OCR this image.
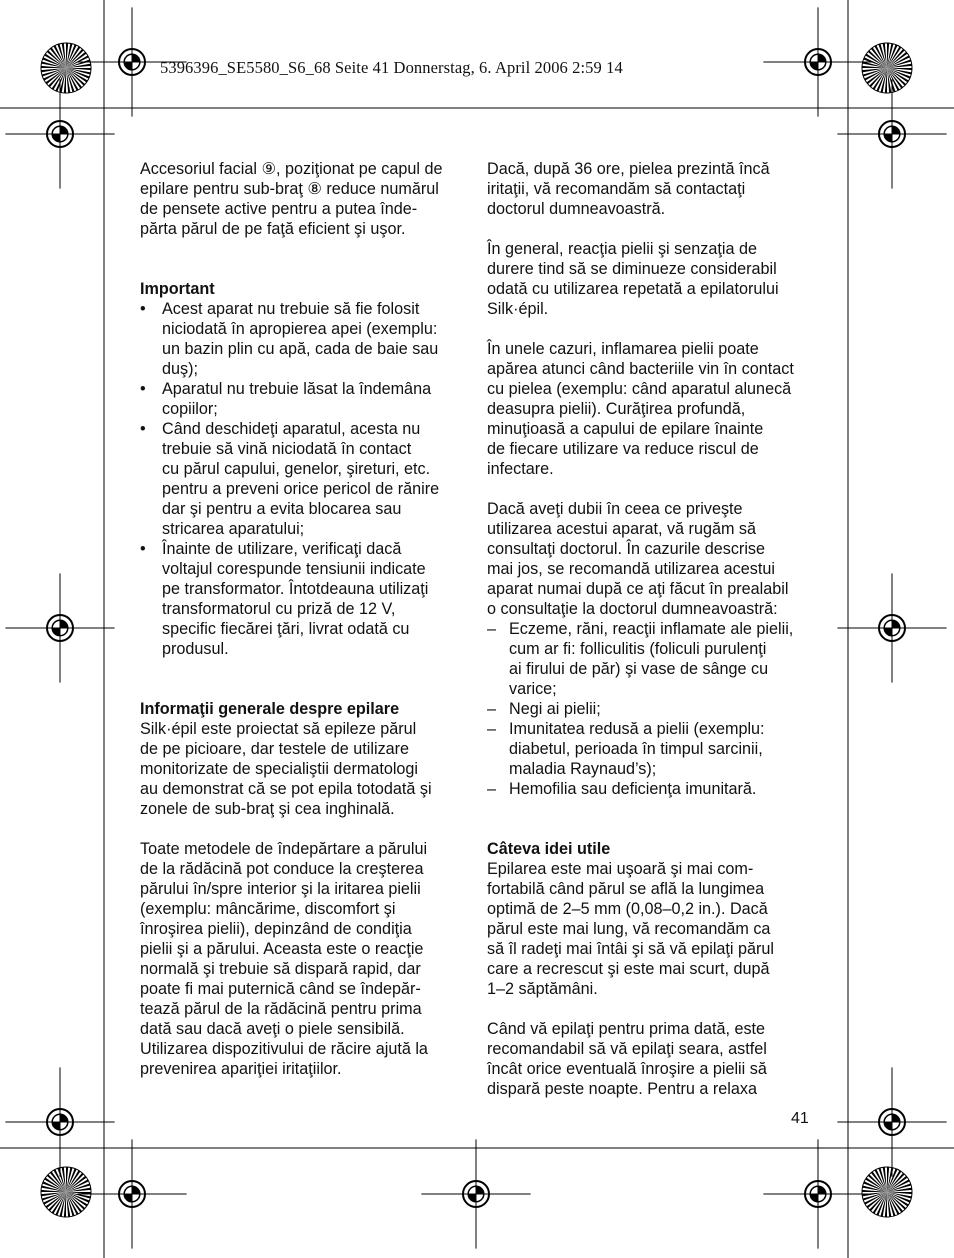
5396396_SE5580_S6_68 Seite 41 Donnerstag, 6. April 2006 2:59 14

Accesoriul facial ⑨, poziţionat pe capul de
epilare pentru sub-braţ ⑧ reduce numărul
de pensete active pentru a putea înde-
părta părul de pe faţă eficient şi uşor.

Important

• Acest aparat nu trebuie să fie folosit
niciodată în apropierea apei (exemplu:
un bazin plin cu apă, cada de baie sau
duş);
• Aparatul nu trebuie lăsat la îndemâna
copiilor;
• Când deschideţi aparatul, acesta nu
trebuie să vină niciodată în contact
cu părul capului, genelor, şireturi, etc.
pentru a preveni orice pericol de rănire
dar şi pentru a evita blocarea sau
stricarea aparatului;
• Înainte de utilizare, verificaţi dacă
voltajul corespunde tensiunii indicate
pe transformator. Întotdeauna utilizaţi
transformatorul cu priză de 12 V,
specific fiecărei ţări, livrat odată cu
produsul.

Informaţii generale despre epilare

Silk·épil este proiectat să epileze părul
de pe picioare, dar testele de utilizare
monitorizate de specialiştii dermatologi
au demonstrat că se pot epila totodată şi
zonele de sub-braţ şi cea inghinală.

Toate metodele de îndepărtare a părului
de la rădăcină pot conduce la creşterea
părului în/spre interior şi la iritarea pielii
(exemplu: mâncărime, discomfort şi
înroşirea pielii), depinzând de condiţia
pielii şi a părului. Aceasta este o reacţie
normală şi trebuie să dispară rapid, dar
poate fi mai puternică când se îndepăr-
tează părul de la rădăcină pentru prima
dată sau dacă aveţi o piele sensibilă.
Utilizarea dispozitivului de răcire ajută la
prevenirea apariţiei iritaţiilor.

Dacă, după 36 ore, pielea prezintă încă
iritaţii, vă recomandăm să contactaţi
doctorul dumneavoastră.

În general, reacţia pielii şi senzaţia de
durere tind să se diminueze considerabil
odată cu utilizarea repetată a epilatorului
Silk·épil.

În unele cazuri, inflamarea pielii poate
apărea atunci când bacteriile vin în contact
cu pielea (exemplu: când aparatul alunecă
deasupra pielii). Curăţirea profundă,
minuţioasă a capului de epilare înainte
de fiecare utilizare va reduce riscul de
infectare.

Dacă aveţi dubii în ceea ce priveşte
utilizarea acestui aparat, vă rugăm să
consultaţi doctorul. În cazurile descrise
mai jos, se recomandă utilizarea acestui
aparat numai după ce aţi făcut în prealabil
o consultaţie la doctorul dumneavoastră:

– Eczeme, răni, reacţii inflamate ale pielii,
cum ar fi: folliculitis (foliculi purulenţi
ai firului de păr) şi vase de sânge cu
varice;
– Negi ai pielii;
– Imunitatea redusă a pielii (exemplu:
diabetul, perioada în timpul sarcinii,
maladia Raynaud’s);
– Hemofilia sau deficienţa imunitară.

Câteva idei utile

Epilarea este mai uşoară şi mai com-
fortabilă când părul se află la lungimea
optimă de 2–5 mm (0,08–0,2 in.). Dacă
părul este mai lung, vă recomandăm ca
să îl radeţi mai întâi şi să vă epilaţi părul
care a recrescut şi este mai scurt, după
1–2 săptămâni.

Când vă epilaţi pentru prima dată, este
recomandabil să vă epilaţi seara, astfel
încât orice eventuală înroşire a pielii să
dispară peste noapte. Pentru a relaxa

41
